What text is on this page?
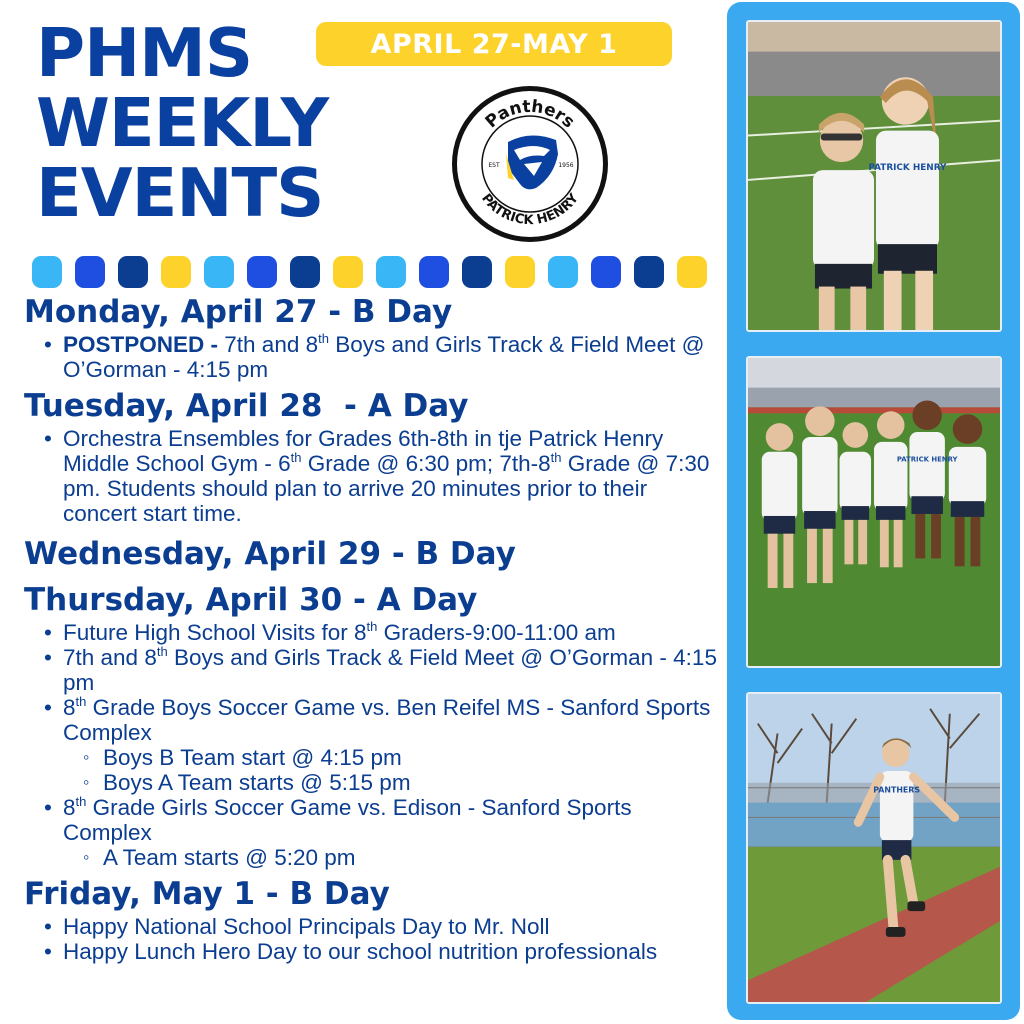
PHMS
WEEKLY
EVENTS
APRIL 27-MAY 1
Panthers
PATRICK HENRY
EST	1956
Monday, April 27 - B Day
• POSTPONED - 7th and 8th Boys and Girls Track & Field Meet @ O’Gorman - 4:15 pm
Tuesday, April 28  - A Day
• Orchestra Ensembles for Grades 6th-8th in tje Patrick Henry Middle School Gym - 6th Grade @ 6:30 pm; 7th-8th Grade @ 7:30 pm. Students should plan to arrive 20 minutes prior to their concert start time.
Wednesday, April 29 - B Day
Thursday, April 30 - A Day
• Future High School Visits for 8th Graders-9:00-11:00 am
• 7th and 8th Boys and Girls Track & Field Meet @ O’Gorman - 4:15 pm
• 8th Grade Boys Soccer Game vs. Ben Reifel MS - Sanford Sports Complex
◦ Boys B Team start @ 4:15 pm
◦ Boys A Team starts @ 5:15 pm
• 8th Grade Girls Soccer Game vs. Edison - Sanford Sports Complex
◦ A Team starts @ 5:20 pm
Friday, May 1 - B Day
• Happy National School Principals Day to Mr. Noll
• Happy Lunch Hero Day to our school nutrition professionals
PATRICK HENRY
PATRICK HENRY
PANTHERS
